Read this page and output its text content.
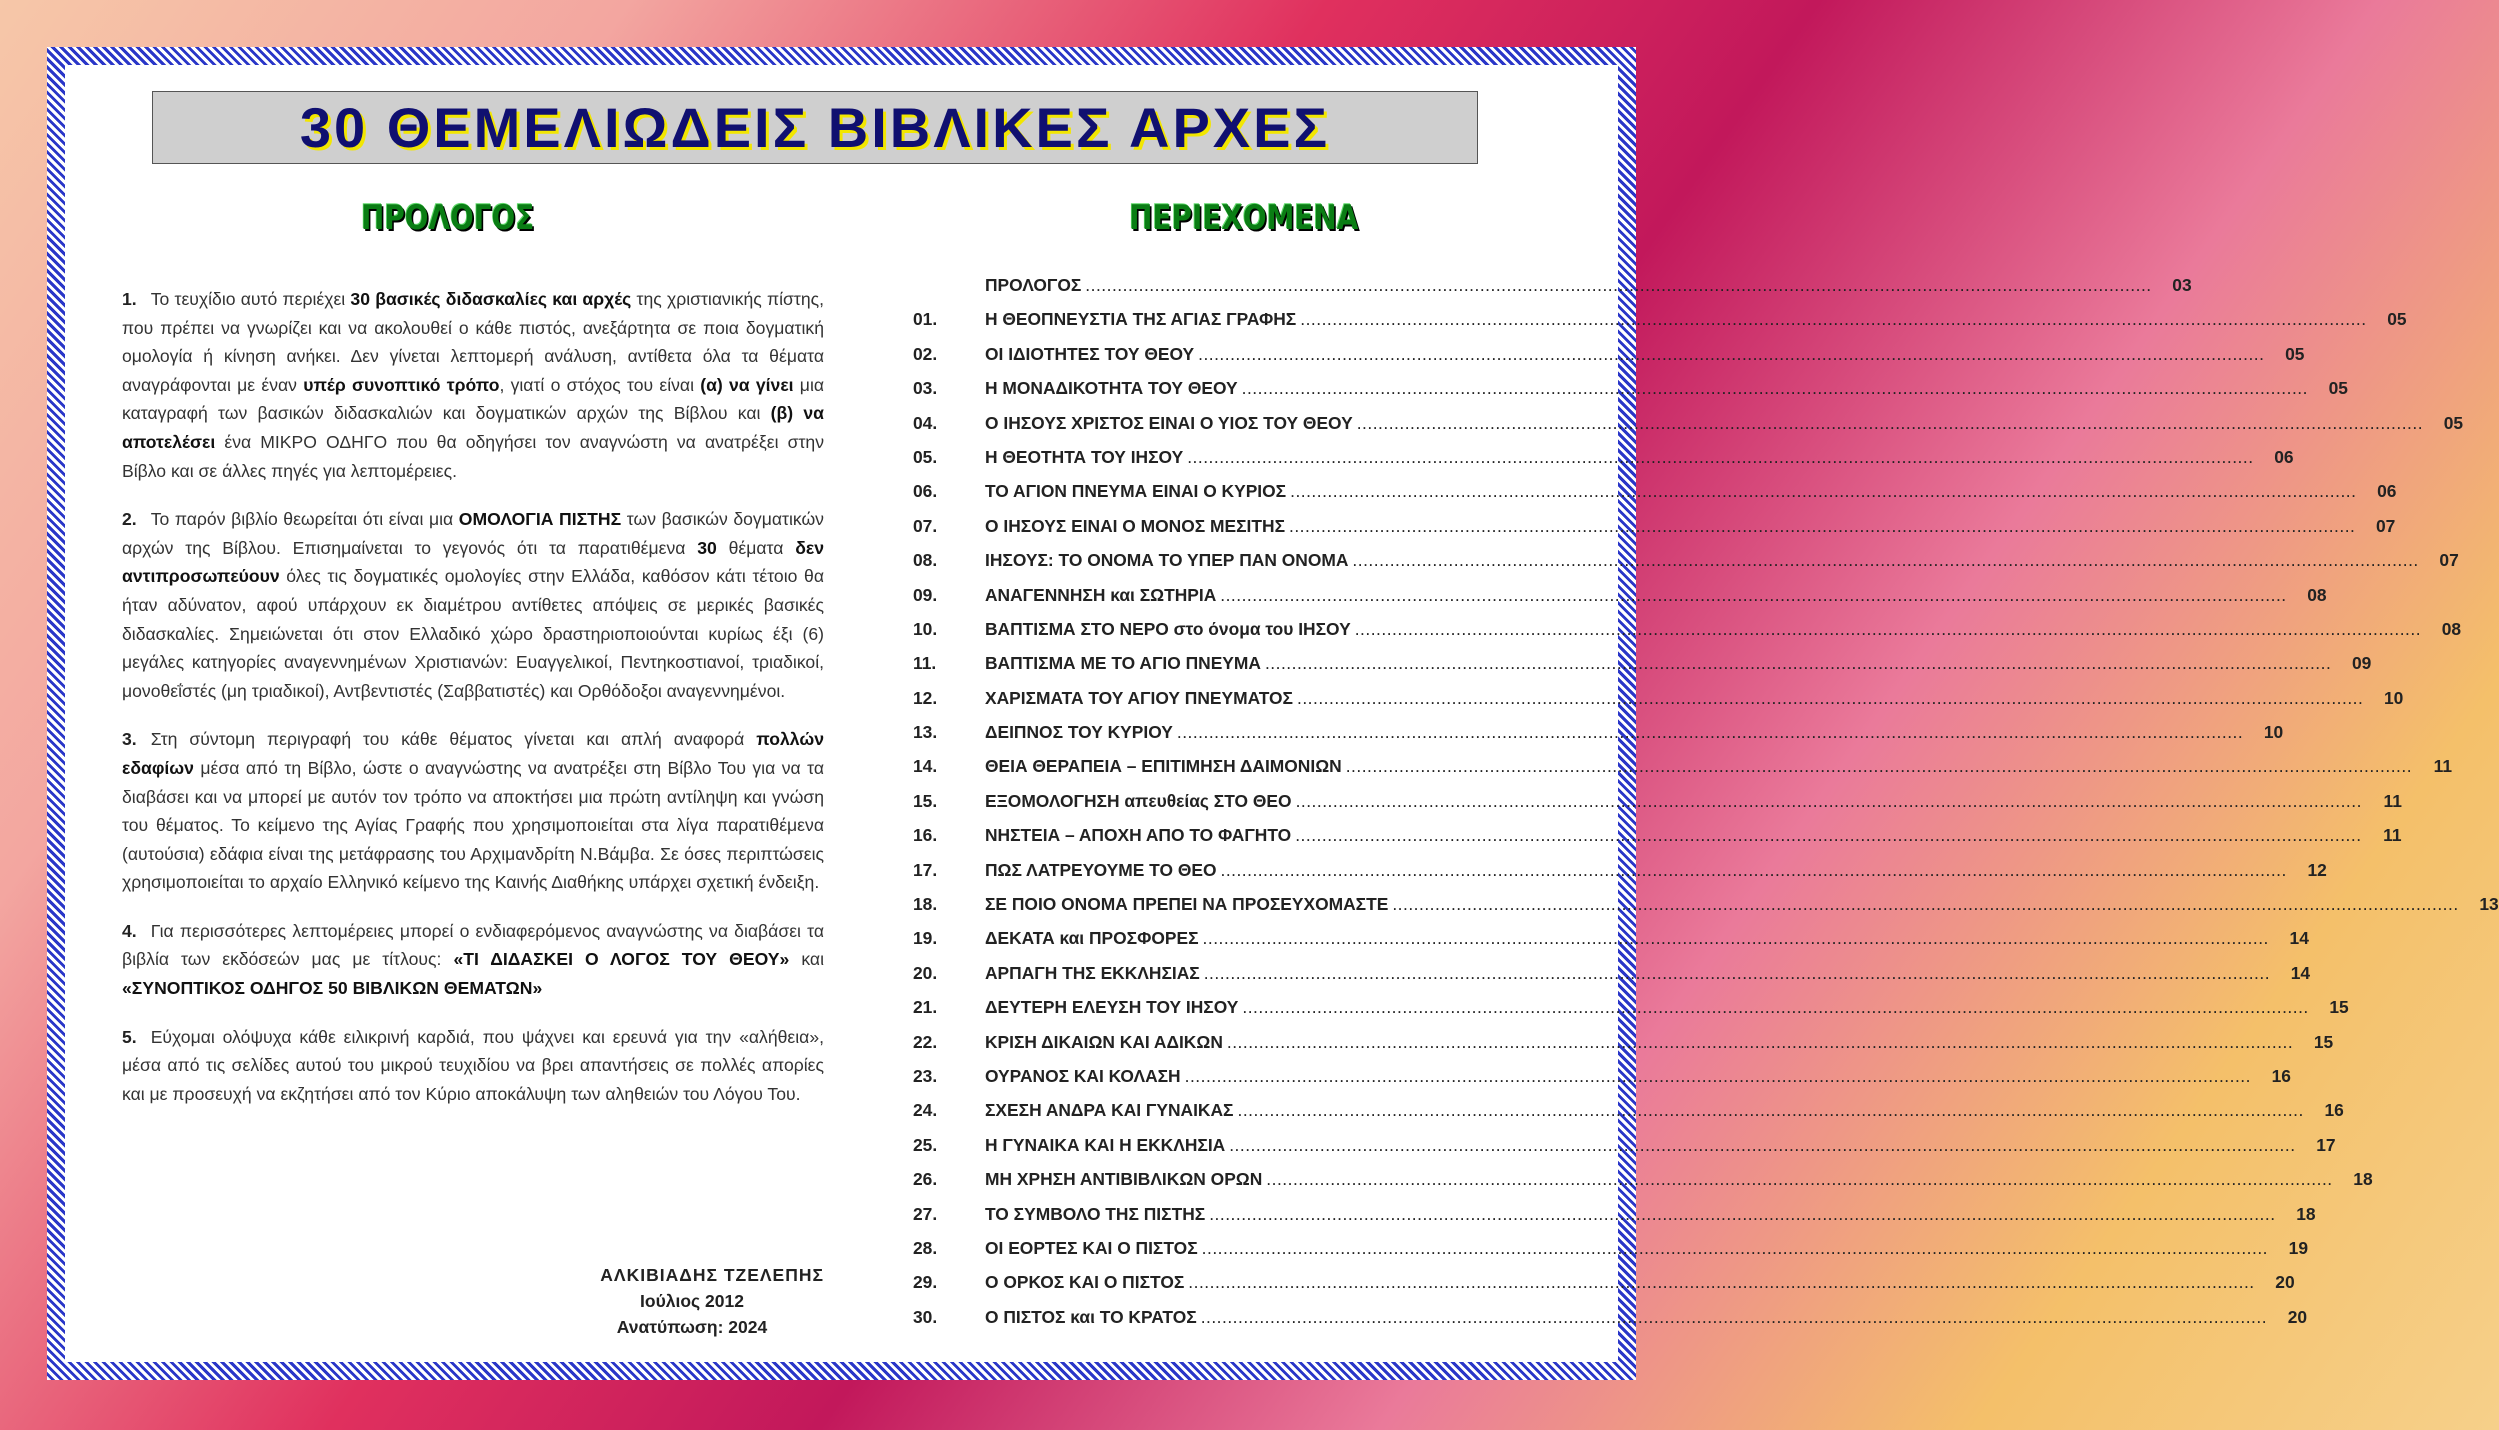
30 ΘΕΜΕΛΙΩΔΕΙΣ ΒΙΒΛΙΚΕΣ ΑΡΧΕΣ
ΠΡΟΛΟΓΟΣ	ΠΕΡΙΕΧΟΜΕΝΑ

1. Το τευχίδιο αυτό περιέχει 30 βασικές διδασκαλίες και αρχές της χριστιανικής πίστης, που πρέπει να γνωρίζει και να ακολουθεί ο κάθε πιστός, ανεξάρτητα σε ποια δογματική ομολογία ή κίνηση ανήκει. Δεν γίνεται λεπτομερή ανάλυση, αντίθετα όλα τα θέματα αναγράφονται με έναν υπέρ συνοπτικό τρόπο, γιατί ο στόχος του είναι (α) να γίνει μια καταγραφή των βασικών διδασκαλιών και δογματικών αρχών της Βίβλου και (β) να αποτελέσει ένα ΜΙΚΡΟ ΟΔΗΓΟ που θα οδηγήσει τον αναγνώστη να ανατρέξει στην Βίβλο και σε άλλες πηγές για λεπτομέρειες.

2. Το παρόν βιβλίο θεωρείται ότι είναι μια ΟΜΟΛΟΓΙΑ ΠΙΣΤΗΣ των βασικών δογματικών αρχών της Βίβλου. Επισημαίνεται το γεγονός ότι τα παρατιθέμενα 30 θέματα δεν αντιπροσωπεύουν όλες τις δογματικές ομολογίες στην Ελλάδα, καθόσον κάτι τέτοιο θα ήταν αδύνατον, αφού υπάρχουν εκ διαμέτρου αντίθετες απόψεις σε μερικές βασικές διδασκαλίες. Σημειώνεται ότι στον Ελλαδικό χώρο δραστηριοποιούνται κυρίως έξι (6) μεγάλες κατηγορίες αναγεννημένων Χριστιανών: Ευαγγελικοί, Πεντηκοστιανοί, τριαδικοί, μονοθεΐστές (μη τριαδικοί), Αντβεντιστές (Σαββατιστές) και Ορθόδοξοι αναγεννημένοι.

3. Στη σύντομη περιγραφή του κάθε θέματος γίνεται και απλή αναφορά πολλών εδαφίων μέσα από τη Βίβλο, ώστε ο αναγνώστης να ανατρέξει στη Βίβλο Του για να τα διαβάσει και να μπορεί με αυτόν τον τρόπο να αποκτήσει μια πρώτη αντίληψη και γνώση του θέματος. Το κείμενο της Αγίας Γραφής που χρησιμοποιείται στα λίγα παρατιθέμενα (αυτούσια) εδάφια είναι της μετάφρασης του Αρχιμανδρίτη Ν.Βάμβα. Σε όσες περιπτώσεις χρησιμοποιείται το αρχαίο Ελληνικό κείμενο της Καινής Διαθήκης υπάρχει σχετική ένδειξη.

4. Για περισσότερες λεπτομέρειες μπορεί ο ενδιαφερόμενος αναγνώστης να διαβάσει τα βιβλία των εκδόσεών μας με τίτλους: «ΤΙ ΔΙΔΑΣΚΕΙ Ο ΛΟΓΟΣ ΤΟΥ ΘΕΟΥ» και «ΣΥΝΟΠΤΙΚΟΣ ΟΔΗΓΟΣ 50 ΒΙΒΛΙΚΩΝ ΘΕΜΑΤΩΝ»

5. Εύχομαι ολόψυχα κάθε ειλικρινή καρδιά, που ψάχνει και ερευνά για την «αλήθεια», μέσα από τις σελίδες αυτού του μικρού τευχιδίου να βρει απαντήσεις σε πολλές απορίες και με προσευχή να εκζητήσει από τον Κύριο αποκάλυψη των αληθειών του Λόγου Του.

ΑΛΚΙΒΙΑΔΗΣ ΤΖΕΛΕΠΗΣ
Ιούλιος 2012
Ανατύπωση: 2024
ΠΡΟΛΟΓΟΣ ........................................................................................................................................................................................................	03
01.	Η ΘΕΟΠΝΕΥΣΤΙΑ ΤΗΣ ΑΓΙΑΣ ΓΡΑΦΗΣ ........................................................................................................................................................................................................	05
02.	ΟΙ ΙΔΙΟΤΗΤΕΣ ΤΟΥ ΘΕΟΥ ........................................................................................................................................................................................................	05
03.	Η ΜΟΝΑΔΙΚΟΤΗΤΑ ΤΟΥ ΘΕΟΥ ........................................................................................................................................................................................................	05
04.	Ο ΙΗΣΟΥΣ ΧΡΙΣΤΟΣ ΕΙΝΑΙ Ο ΥΙΟΣ ΤΟΥ ΘΕΟΥ ........................................................................................................................................................................................................	05
05.	Η ΘΕΟΤΗΤΑ ΤΟΥ ΙΗΣΟΥ ........................................................................................................................................................................................................	06
06.	ΤΟ ΑΓΙΟΝ ΠΝΕΥΜΑ ΕΙΝΑΙ Ο ΚΥΡΙΟΣ ........................................................................................................................................................................................................	06
07.	Ο ΙΗΣΟΥΣ ΕΙΝΑΙ Ο ΜΟΝΟΣ ΜΕΣΙΤΗΣ ........................................................................................................................................................................................................	07
08.	ΙΗΣΟΥΣ: ΤΟ ΟΝΟΜΑ ΤΟ ΥΠΕΡ ΠΑΝ ΟΝΟΜΑ ........................................................................................................................................................................................................	07
09.	ΑΝΑΓΕΝΝΗΣΗ και ΣΩΤΗΡΙΑ ........................................................................................................................................................................................................	08
10.	ΒΑΠΤΙΣΜΑ ΣΤΟ ΝΕΡΟ στο όνομα του ΙΗΣΟΥ ........................................................................................................................................................................................................	08
11.	ΒΑΠΤΙΣΜΑ ΜΕ ΤΟ ΑΓΙΟ ΠΝΕΥΜΑ ........................................................................................................................................................................................................	09
12.	ΧΑΡΙΣΜΑΤΑ ΤΟΥ ΑΓΙΟΥ ΠΝΕΥΜΑΤΟΣ ........................................................................................................................................................................................................	10
13.	ΔΕΙΠΝΟΣ ΤΟΥ ΚΥΡΙΟΥ ........................................................................................................................................................................................................	10
14.	ΘΕΙΑ ΘΕΡΑΠΕΙΑ – ΕΠΙΤΙΜΗΣΗ ΔΑΙΜΟΝΙΩΝ ........................................................................................................................................................................................................	11
15.	ΕΞΟΜΟΛΟΓΗΣΗ απευθείας ΣΤΟ ΘΕΟ ........................................................................................................................................................................................................	11
16.	ΝΗΣΤΕΙΑ – ΑΠΟΧΗ ΑΠΟ ΤΟ ΦΑΓΗΤΟ ........................................................................................................................................................................................................	11
17.	ΠΩΣ ΛΑΤΡΕΥΟΥΜΕ ΤΟ ΘΕΟ ........................................................................................................................................................................................................	12
18.	ΣΕ ΠΟΙΟ ΟΝΟΜΑ ΠΡΕΠΕΙ ΝΑ ΠΡΟΣΕΥΧΟΜΑΣΤΕ ........................................................................................................................................................................................................	13
19.	ΔΕΚΑΤΑ και ΠΡΟΣΦΟΡΕΣ ........................................................................................................................................................................................................	14
20.	ΑΡΠΑΓΗ ΤΗΣ ΕΚΚΛΗΣΙΑΣ ........................................................................................................................................................................................................	14
21.	ΔΕΥΤΕΡΗ ΕΛΕΥΣΗ ΤΟΥ ΙΗΣΟΥ ........................................................................................................................................................................................................	15
22.	ΚΡΙΣΗ ΔΙΚΑΙΩΝ ΚΑΙ ΑΔΙΚΩΝ ........................................................................................................................................................................................................	15
23.	ΟΥΡΑΝΟΣ ΚΑΙ ΚΟΛΑΣΗ ........................................................................................................................................................................................................	16
24.	ΣΧΕΣΗ ΑΝΔΡΑ ΚΑΙ ΓΥΝΑΙΚΑΣ ........................................................................................................................................................................................................	16
25.	Η ΓΥΝΑΙΚΑ ΚΑΙ Η ΕΚΚΛΗΣΙΑ ........................................................................................................................................................................................................	17
26.	ΜΗ ΧΡΗΣΗ ΑΝΤΙΒΙΒΛΙΚΩΝ ΟΡΩΝ ........................................................................................................................................................................................................	18
27.	ΤΟ ΣΥΜΒΟΛΟ ΤΗΣ ΠΙΣΤΗΣ ........................................................................................................................................................................................................	18
28.	ΟΙ ΕΟΡΤΕΣ ΚΑΙ Ο ΠΙΣΤΟΣ ........................................................................................................................................................................................................	19
29.	Ο ΟΡΚΟΣ ΚΑΙ Ο ΠΙΣΤΟΣ ........................................................................................................................................................................................................	20
30.	Ο ΠΙΣΤΟΣ και ΤΟ ΚΡΑΤΟΣ ........................................................................................................................................................................................................	20
